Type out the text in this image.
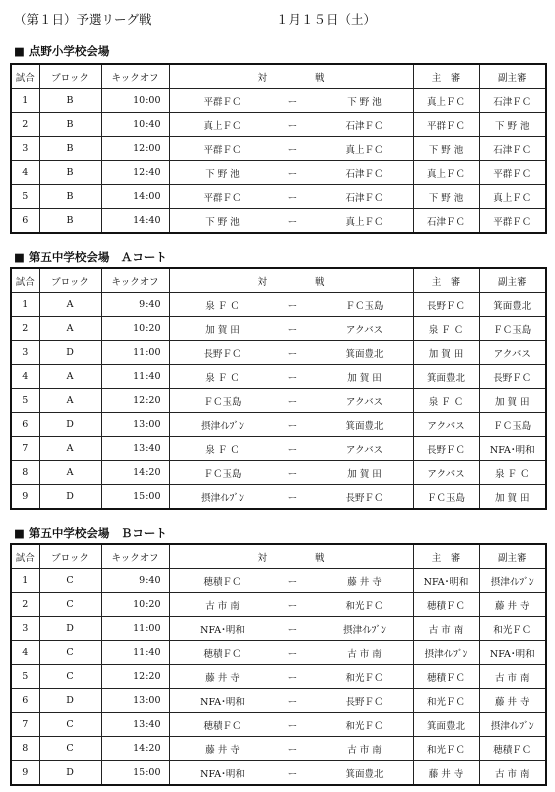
（第１日）予選リーグ戦	１月１５日（土）
■ 点野小学校会場
試合	ブロック	キックオフ	対 戦	主　審	副主審
1	B	10:00	平群ＦＣ ー 下 野 池	真上ＦＣ	石津ＦＣ
2	B	10:40	真上ＦＣ ー 石津ＦＣ	平群ＦＣ	下 野 池
3	B	12:00	平群ＦＣ ー 真上ＦＣ	下 野 池	石津ＦＣ
4	B	12:40	下 野 池 ー 石津ＦＣ	真上ＦＣ	平群ＦＣ
5	B	14:00	平群ＦＣ ー 石津ＦＣ	下 野 池	真上ＦＣ
6	B	14:40	下 野 池 ー 真上ＦＣ	石津ＦＣ	平群ＦＣ
■ 第五中学校会場　Ａコート
試合	ブロック	キックオフ	対 戦	主　審	副主審
1	A	9:40	泉 Ｆ Ｃ ー ＦＣ玉島	長野ＦＣ	箕面豊北
2	A	10:20	加 賀 田 ー アクバス	泉 Ｆ Ｃ	ＦＣ玉島
3	D	11:00	長野ＦＣ ー 箕面豊北	加 賀 田	アクバス
4	A	11:40	泉 Ｆ Ｃ ー 加 賀 田	箕面豊北	長野ＦＣ
5	A	12:20	ＦＣ玉島 ー アクバス	泉 Ｆ Ｃ	加 賀 田
6	D	13:00	摂津ｲﾚﾌﾞﾝ ー 箕面豊北	アクバス	ＦＣ玉島
7	A	13:40	泉 Ｆ Ｃ ー アクバス	長野ＦＣ	NFA･明和
8	A	14:20	ＦＣ玉島 ー 加 賀 田	アクバス	泉 Ｆ Ｃ
9	D	15:00	摂津ｲﾚﾌﾞﾝ ー 長野ＦＣ	ＦＣ玉島	加 賀 田
■ 第五中学校会場　Ｂコート
試合	ブロック	キックオフ	対 戦	主　審	副主審
1	C	9:40	穂積ＦＣ ー 藤 井 寺	NFA･明和	摂津ｲﾚﾌﾞﾝ
2	C	10:20	古 市 南 ー 和光ＦＣ	穂積ＦＣ	藤 井 寺
3	D	11:00	NFA･明和 ー 摂津ｲﾚﾌﾞﾝ	古 市 南	和光ＦＣ
4	C	11:40	穂積ＦＣ ー 古 市 南	摂津ｲﾚﾌﾞﾝ	NFA･明和
5	C	12:20	藤 井 寺 ー 和光ＦＣ	穂積ＦＣ	古 市 南
6	D	13:00	NFA･明和 ー 長野ＦＣ	和光ＦＣ	藤 井 寺
7	C	13:40	穂積ＦＣ ー 和光ＦＣ	箕面豊北	摂津ｲﾚﾌﾞﾝ
8	C	14:20	藤 井 寺 ー 古 市 南	和光ＦＣ	穂積ＦＣ
9	D	15:00	NFA･明和 ー 箕面豊北	藤 井 寺	古 市 南
